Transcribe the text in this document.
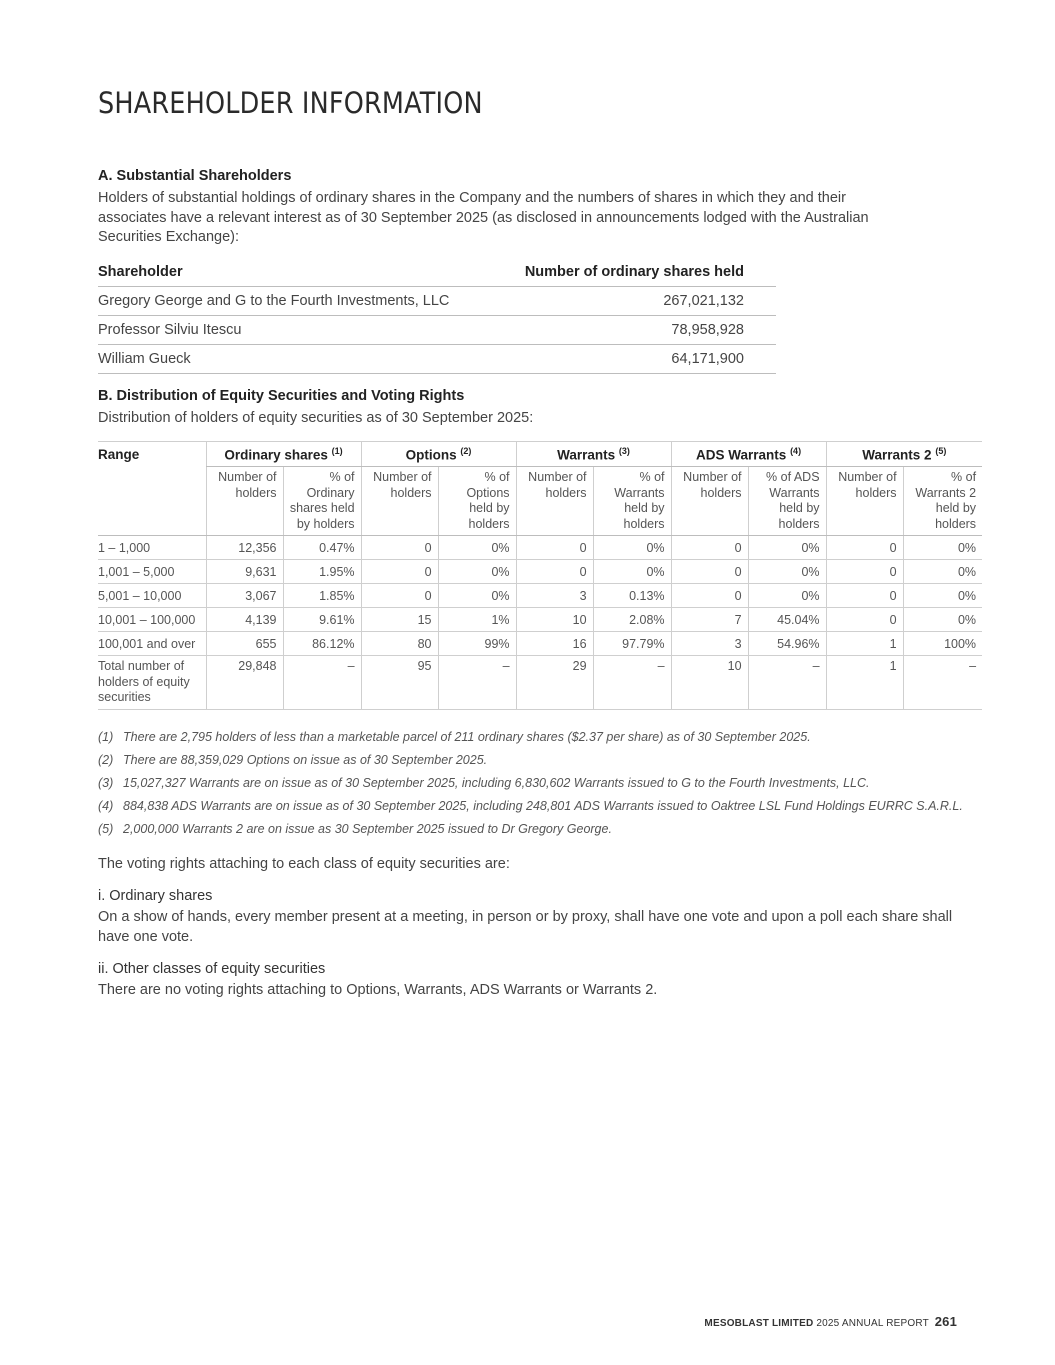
SHAREHOLDER INFORMATION
A. Substantial Shareholders

Holders of substantial holdings of ordinary shares in the Company and the numbers of shares in which they and their associates have a relevant interest as of 30 September 2025 (as disclosed in announcements lodged with the Australian Securities Exchange):

Shareholder	Number of ordinary shares held
Gregory George and G to the Fourth Investments, LLC	267,021,132
Professor Silviu Itescu	78,958,928
William Gueck	64,171,900
B. Distribution of Equity Securities and Voting Rights

Distribution of holders of equity securities as of 30 September 2025:

Range	Ordinary shares $^{(1)}$		Options $^{(2)}$		Warrants $^{(3)}$		ADS Warrants $^{(4)}$		Warrants 2 $^{(5)}$
	Number of holders	% of Ordinary shares held by holders	Number of holders	% of Options held by holders	Number of holders	% of Warrants held by holders	Number of holders	% of ADS Warrants held by holders	Number of holders	% of Warrants 2 held by holders
1 – 1,000	12,356	0.47%	0	0%	0	0%	0	0%	0	0%
1,001 – 5,000	9,631	1.95%	0	0%	0	0%	0	0%	0	0%
5,001 – 10,000	3,067	1.85%	0	0%	3	0.13%	0	0%	0	0%
10,001 – 100,000	4,139	9.61%	15	1%	10	2.08%	7	45.04%	0	0%
100,001 and over	655	86.12%	80	99%	16	97.79%	3	54.96%	1	100%
Total number of holders of equity securities	29,848	–	95	–	29	–	10	–	1	–
(1) There are 2,795 holders of less than a marketable parcel of 211 ordinary shares ($2.37 per share) as of 30 September 2025.
(2) There are 88,359,029 Options on issue as of 30 September 2025.
(3) 15,027,327 Warrants are on issue as of 30 September 2025, including 6,830,602 Warrants issued to G to the Fourth Investments, LLC.
(4) 884,838 ADS Warrants are on issue as of 30 September 2025, including 248,801 ADS Warrants issued to Oaktree LSL Fund Holdings EURRC S.A.R.L.
(5) 2,000,000 Warrants 2 are on issue as 30 September 2025 issued to Dr Gregory George.

The voting rights attaching to each class of equity securities are:

i. Ordinary shares

On a show of hands, every member present at a meeting, in person or by proxy, shall have one vote and upon a poll each share shall have one vote.

ii. Other classes of equity securities

There are no voting rights attaching to Options, Warrants, ADS Warrants or Warrants 2.

MESOBLAST LIMITED 2025 ANNUAL REPORT 261
